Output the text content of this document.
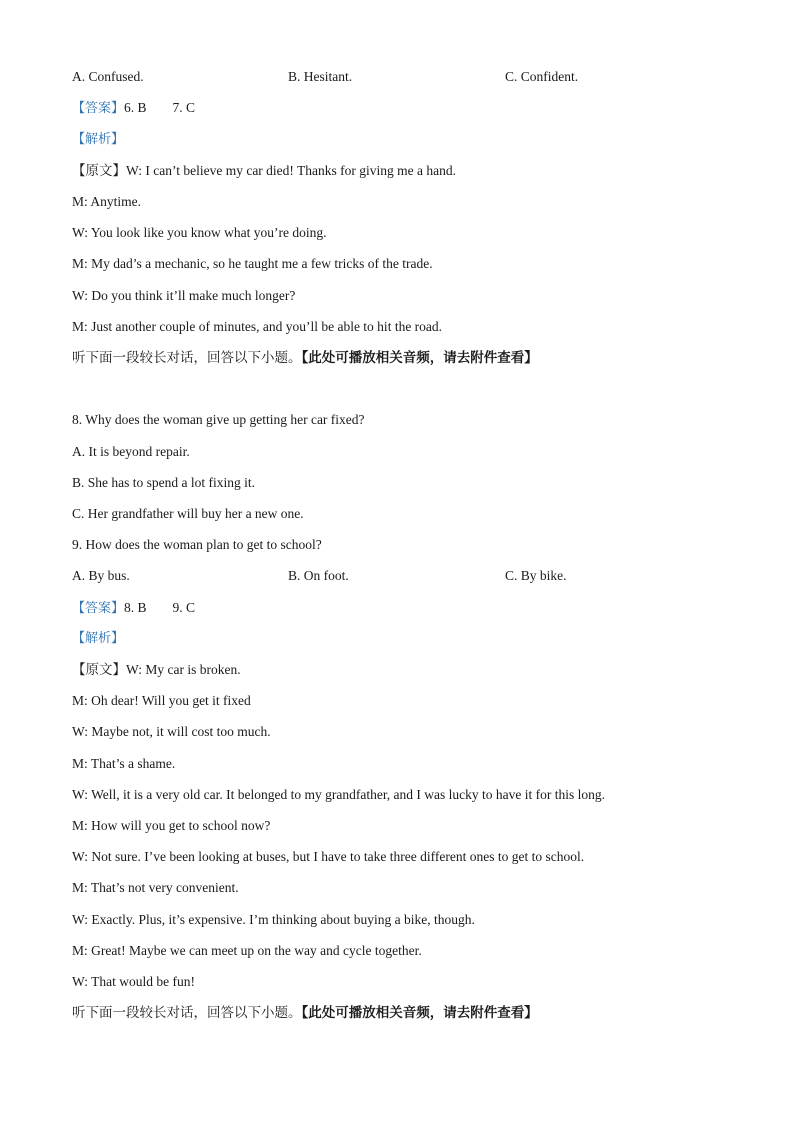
A. Confused.	B. Hesitant.	C. Confident.
【答案】6. B 7. C
【解析】
【原文】W: I can’t believe my car died! Thanks for giving me a hand.
M: Anytime.
W: You look like you know what you’re doing.
M: My dad’s a mechanic, so he taught me a few tricks of the trade.
W: Do you think it’ll make much longer?
M: Just another couple of minutes, and you’ll be able to hit the road.
听下面一段较长对话，回答以下小题。【此处可播放相关音频，请去附件查看】
8. Why does the woman give up getting her car fixed?
A. It is beyond repair.
B. She has to spend a lot fixing it.
C. Her grandfather will buy her a new one.
9. How does the woman plan to get to school?
A. By bus.	B. On foot.	C. By bike.
【答案】8. B 9. C
【解析】
【原文】W: My car is broken.
M: Oh dear! Will you get it fixed
W: Maybe not, it will cost too much.
M: That’s a shame.
W: Well, it is a very old car. It belonged to my grandfather, and I was lucky to have it for this long.
M: How will you get to school now?
W: Not sure. I’ve been looking at buses, but I have to take three different ones to get to school.
M: That’s not very convenient.
W: Exactly. Plus, it’s expensive. I’m thinking about buying a bike, though.
M: Great! Maybe we can meet up on the way and cycle together.
W: That would be fun!
听下面一段较长对话，回答以下小题。【此处可播放相关音频，请去附件查看】
